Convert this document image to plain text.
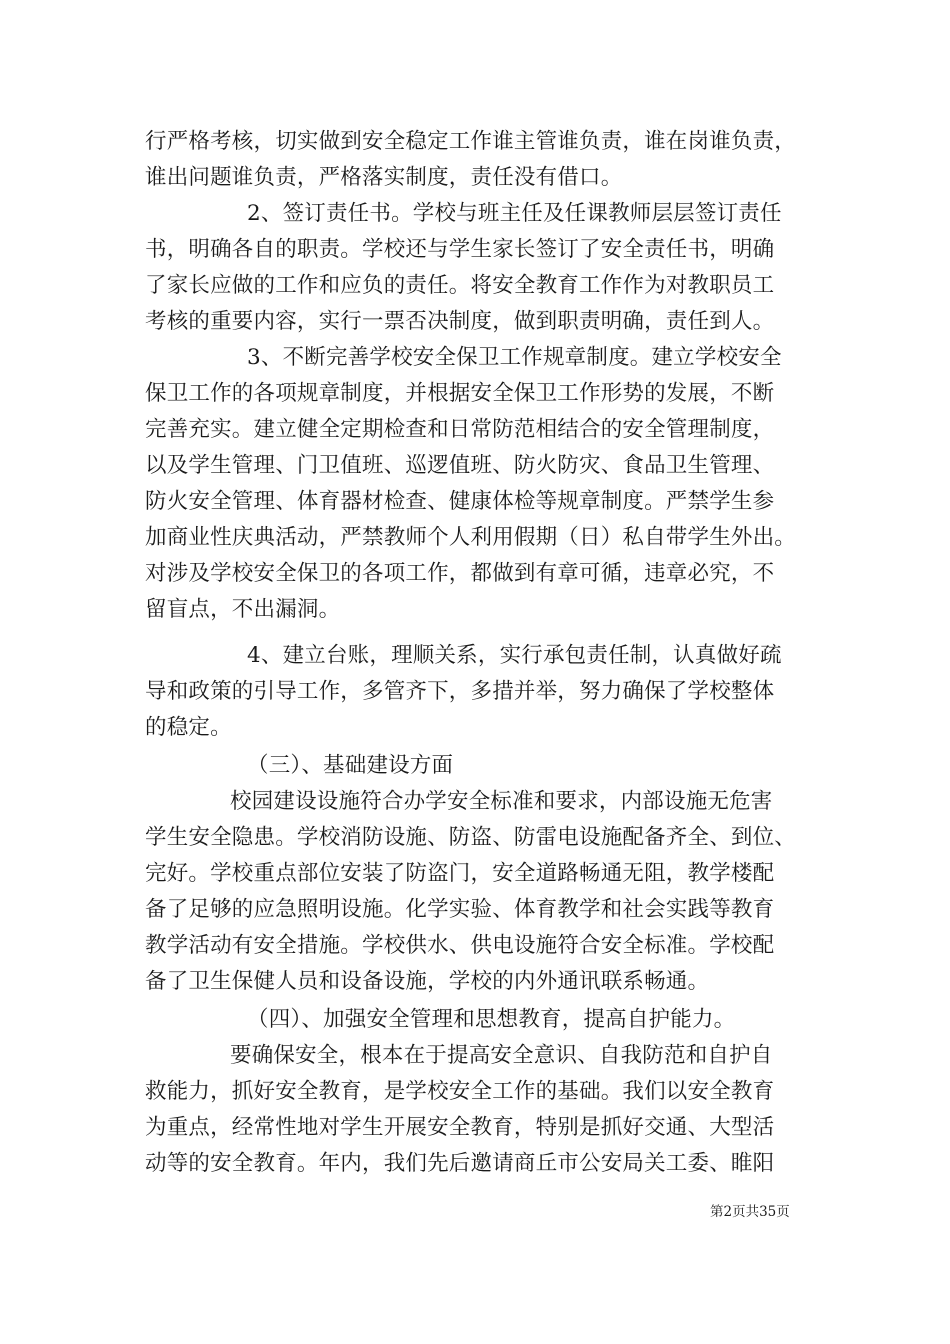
行严格考核，切实做到安全稳定工作谁主管谁负责，谁在岗谁负责，
谁出问题谁负责，严格落实制度，责任没有借口。
2、签订责任书。学校与班主任及任课教师层层签订责任
书，明确各自的职责。学校还与学生家长签订了安全责任书，明确
了家长应做的工作和应负的责任。将安全教育工作作为对教职员工
考核的重要内容，实行一票否决制度，做到职责明确，责任到人。
3、不断完善学校安全保卫工作规章制度。建立学校安全
保卫工作的各项规章制度，并根据安全保卫工作形势的发展，不断
完善充实。建立健全定期检查和日常防范相结合的安全管理制度，
以及学生管理、门卫值班、巡逻值班、防火防灾、食品卫生管理、
防火安全管理、体育器材检查、健康体检等规章制度。严禁学生参
加商业性庆典活动，严禁教师个人利用假期（日）私自带学生外出。
对涉及学校安全保卫的各项工作，都做到有章可循，违章必究，不
留盲点，不出漏洞。
4、建立台账，理顺关系，实行承包责任制，认真做好疏
导和政策的引导工作，多管齐下，多措并举，努力确保了学校整体
的稳定。
（三）、基础建设方面
校园建设设施符合办学安全标准和要求，内部设施无危害
学生安全隐患。学校消防设施、防盗、防雷电设施配备齐全、到位、
完好。学校重点部位安装了防盗门，安全道路畅通无阻，教学楼配
备了足够的应急照明设施。化学实验、体育教学和社会实践等教育
教学活动有安全措施。学校供水、供电设施符合安全标准。学校配
备了卫生保健人员和设备设施，学校的内外通讯联系畅通。
（四）、加强安全管理和思想教育，提高自护能力。
要确保安全，根本在于提高安全意识、自我防范和自护自
救能力，抓好安全教育，是学校安全工作的基础。我们以安全教育
为重点，经常性地对学生开展安全教育，特别是抓好交通、大型活
动等的安全教育。年内，我们先后邀请商丘市公安局关工委、睢阳
第2页共35页
